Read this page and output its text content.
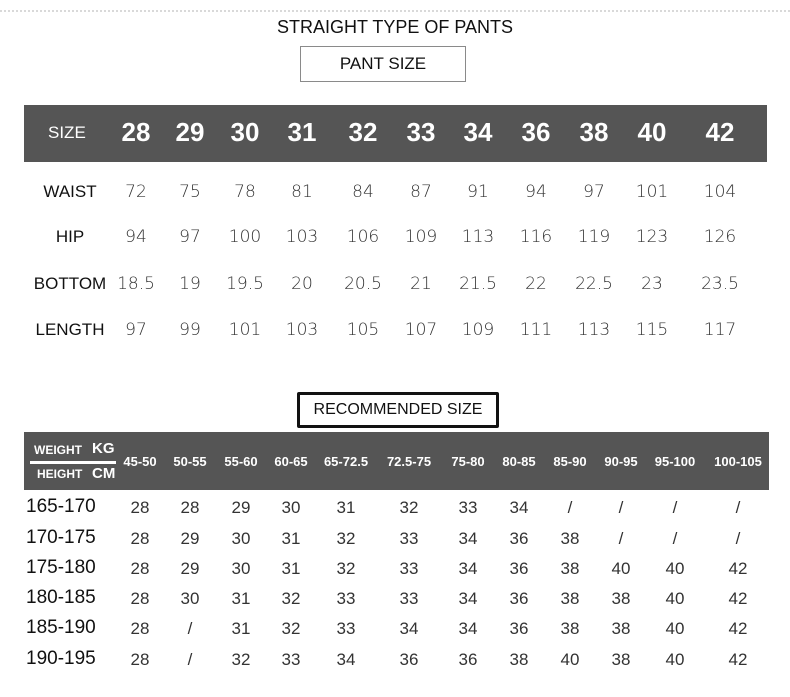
STRAIGHT TYPE OF PANTS
PANT SIZE
SIZE 28 29 30 31 32 33 34 36 38 40 42
WAIST 72 75 78 81 84 87 91 94 97 101 104
HIP 94 97 100 103 106 109 113 116 119 123 126
BOTTOM 18.5 19 19.5 20 20.5 21 21.5 22 22.5 23 23.5
LENGTH 97 99 101 103 105 107 109 111 113 115 117
RECOMMENDED SIZE
WEIGHT KG
HEIGHT CM
45-50 50-55 55-60 60-65 65-72.5 72.5-75 75-80 80-85 85-90 90-95 95-100 100-105
165-170 28 28 29 30 31	32 33 34 /	/	/	/
170-175 28 29 30 31 32	33 34 36 38 /	/	/
175-180 28 29 30 31 32	33 34 36 38 40 40	42
180-185 28 30 31 32 33	33 34 36 38 38 40	42
185-190 28 / 31 32 33	34 34 36 38 38 40	42
190-195 28 / 32 33 34	36 36 38 40 38 40	42
